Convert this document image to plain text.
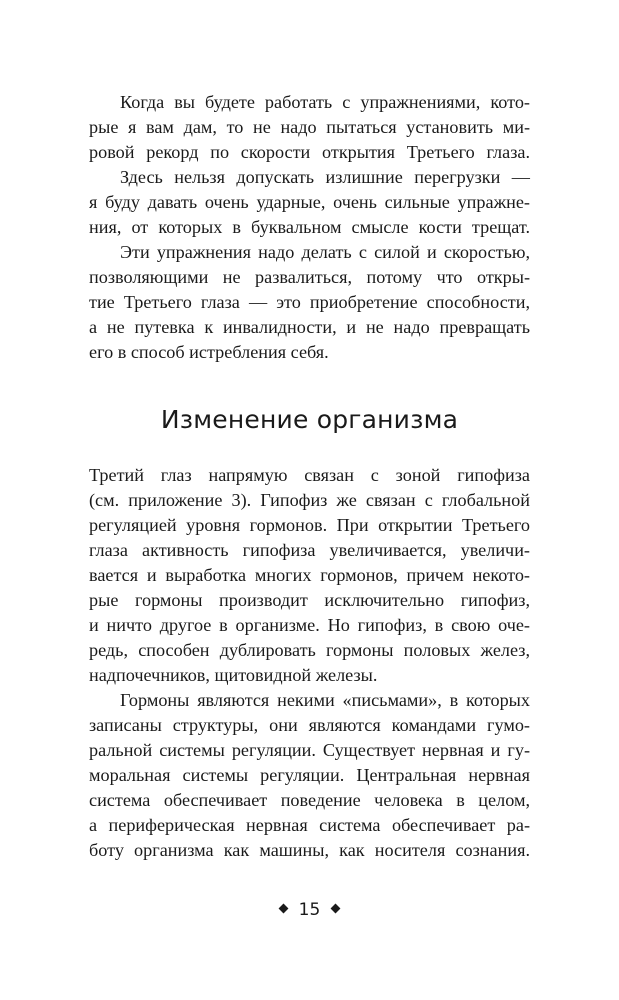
Когда вы будете работать с упражнениями, кото-
рые я вам дам, то не надо пытаться установить ми-
ровой рекорд по скорости открытия Третьего глаза.
Здесь нельзя допускать излишние перегрузки —
я буду давать очень ударные, очень сильные упражне-
ния, от которых в буквальном смысле кости трещат.
Эти упражнения надо делать с силой и скоростью,
позволяющими не развалиться, потому что откры-
тие Третьего глаза — это приобретение способности,
а не путевка к инвалидности, и не надо превращать
его в способ истребления себя.
Изменение организма
Третий глаз напрямую связан с зоной гипофиза
(см. приложение 3). Гипофиз же связан с глобальной
регуляцией уровня гормонов. При открытии Третьего
глаза активность гипофиза увеличивается, увеличи-
вается и выработка многих гормонов, причем некото-
рые гормоны производит исключительно гипофиз,
и ничто другое в организме. Но гипофиз, в свою оче-
редь, способен дублировать гормоны половых желез,
надпочечников, щитовидной железы.
Гормоны являются некими «письмами», в которых
записаны структуры, они являются командами гумо-
ральной системы регуляции. Существует нервная и гу-
моральная системы регуляции. Центральная нервная
система обеспечивает поведение человека в целом,
а периферическая нервная система обеспечивает ра-
боту организма как машины, как носителя сознания.
15
